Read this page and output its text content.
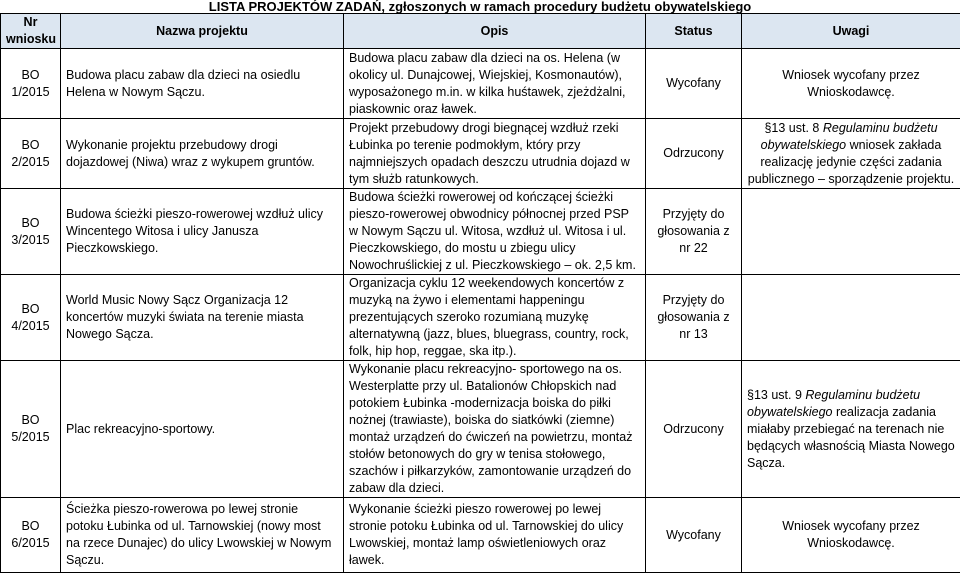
LISTA PROJEKTÓW ZADAŃ, zgłoszonych w ramach procedury budżetu obywatelskiego
Nr wniosku	Nazwa projektu	Opis	Status	Uwagi
BO 1/2015	Budowa placu zabaw dla dzieci na osiedlu Helena w Nowym Sączu.	Budowa placu zabaw dla dzieci na os. Helena (w okolicy ul. Dunajcowej, Wiejskiej, Kosmonautów), wyposażonego m.in. w kilka huśtawek, zjeżdżalni, piaskownic oraz ławek.	Wycofany	Wniosek wycofany przez Wnioskodawcę.
BO 2/2015	Wykonanie projektu przebudowy drogi dojazdowej (Niwa) wraz z wykupem gruntów.	Projekt przebudowy drogi biegnącej wzdłuż rzeki Łubinka po terenie podmokłym, który przy najmniejszych opadach deszczu utrudnia dojazd w tym służb ratunkowych.	Odrzucony	§13 ust. 8 Regulaminu budżetu obywatelskiego wniosek zakłada realizację jedynie części zadania publicznego – sporządzenie projektu.
BO 3/2015	Budowa ścieżki pieszo-rowerowej wzdłuż ulicy Wincentego Witosa i ulicy Janusza Pieczkowskiego.	Budowa ścieżki rowerowej od kończącej ścieżki pieszo-rowerowej obwodnicy północnej przed PSP w Nowym Sączu ul. Witosa, wzdłuż ul. Witosa i ul. Pieczkowskiego, do mostu u zbiegu ulicy Nowochruślickiej z ul. Pieczkowskiego – ok. 2,5 km.	Przyjęty do głosowania z nr 22	
BO 4/2015	World Music Nowy Sącz Organizacja 12 koncertów muzyki świata na terenie miasta Nowego Sącza.	Organizacja cyklu 12 weekendowych koncertów z muzyką na żywo i elementami happeningu prezentujących szeroko rozumianą muzykę alternatywną (jazz, blues, bluegrass, country, rock, folk, hip hop, reggae, ska itp.).	Przyjęty do głosowania z nr 13	
BO 5/2015	Plac rekreacyjno-sportowy.	Wykonanie placu rekreacyjno- sportowego na os. Westerplatte przy ul. Batalionów Chłopskich nad potokiem Łubinka -modernizacja boiska do piłki nożnej (trawiaste), boiska do siatkówki (ziemne) montaż urządzeń do ćwiczeń na powietrzu, montaż stołów betonowych do gry w tenisa stołowego, szachów i piłkarzyków, zamontowanie urządzeń do zabaw dla dzieci.	Odrzucony	§13 ust. 9 Regulaminu budżetu obywatelskiego realizacja zadania miałaby przebiegać na terenach nie będących własnością Miasta Nowego Sącza.
BO 6/2015	Ścieżka pieszo-rowerowa po lewej stronie potoku Łubinka od ul. Tarnowskiej (nowy most na rzece Dunajec) do ulicy Lwowskiej w Nowym Sączu.	Wykonanie ścieżki pieszo rowerowej po lewej stronie potoku Łubinka od ul. Tarnowskiej do ulicy Lwowskiej, montaż lamp oświetleniowych oraz ławek.	Wycofany	Wniosek wycofany przez Wnioskodawcę.
